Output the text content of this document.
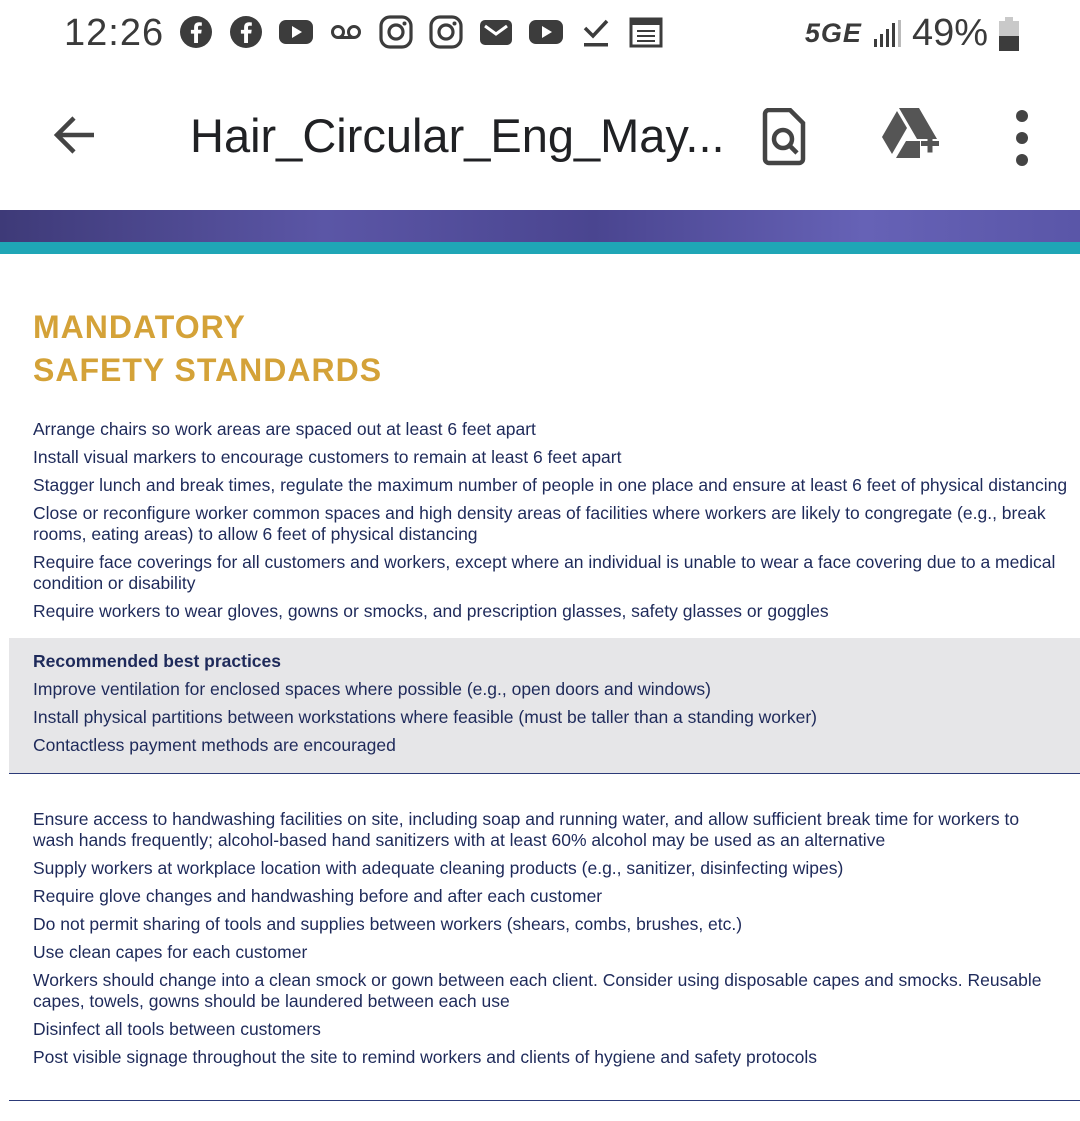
12:26	5GE 49%
Hair_Circular_Eng_May...
MANDATORY
SAFETY STANDARDS
Arrange chairs so work areas are spaced out at least 6 feet apart
Install visual markers to encourage customers to remain at least 6 feet apart
Stagger lunch and break times, regulate the maximum number of people in one place and ensure at least 6 feet of physical distancing
Close or reconfigure worker common spaces and high density areas of facilities where workers are likely to congregate (e.g., break rooms, eating areas) to allow 6 feet of physical distancing
Require face coverings for all customers and workers, except where an individual is unable to wear a face covering due to a medical condition or disability
Require workers to wear gloves, gowns or smocks, and prescription glasses, safety glasses or goggles
Recommended best practices
Improve ventilation for enclosed spaces where possible (e.g., open doors and windows)
Install physical partitions between workstations where feasible (must be taller than a standing worker)
Contactless payment methods are encouraged
Ensure access to handwashing facilities on site, including soap and running water, and allow sufficient break time for workers to wash hands frequently; alcohol-based hand sanitizers with at least 60% alcohol may be used as an alternative
Supply workers at workplace location with adequate cleaning products (e.g., sanitizer, disinfecting wipes)
Require glove changes and handwashing before and after each customer
Do not permit sharing of tools and supplies between workers (shears, combs, brushes, etc.)
Use clean capes for each customer
Workers should change into a clean smock or gown between each client. Consider using disposable capes and smocks. Reusable capes, towels, gowns should be laundered between each use
Disinfect all tools between customers
Post visible signage throughout the site to remind workers and clients of hygiene and safety protocols
